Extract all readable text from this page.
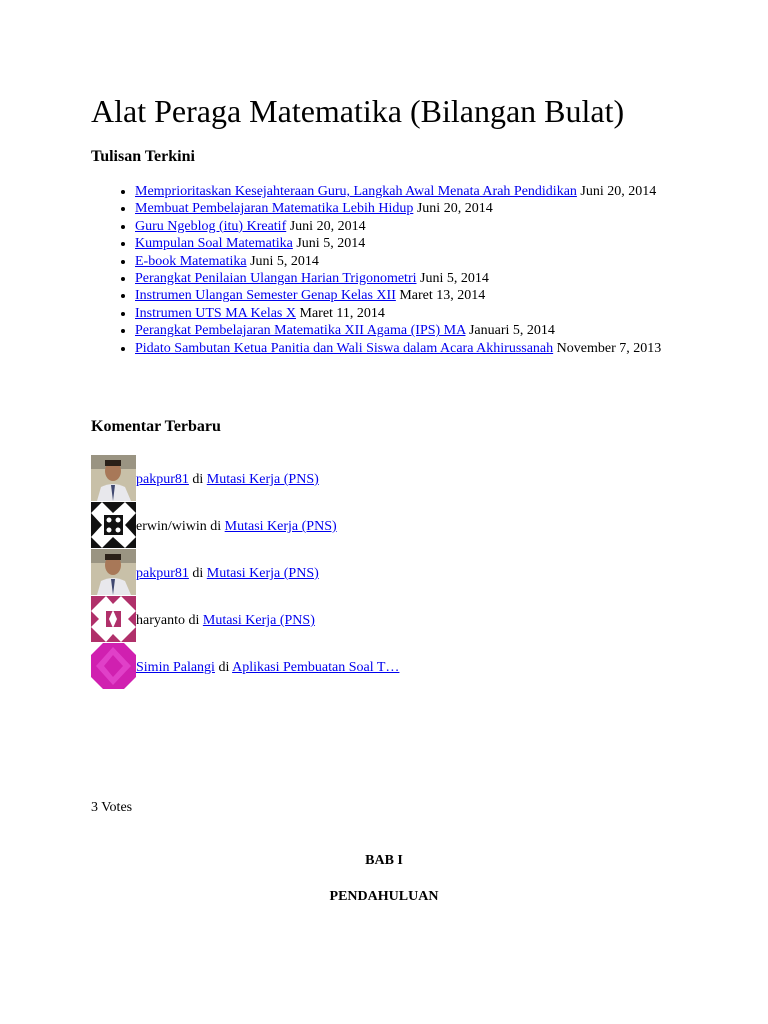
Alat Peraga Matematika (Bilangan Bulat)
Tulisan Terkini
• Memprioritaskan Kesejahteraan Guru, Langkah Awal Menata Arah Pendidikan Juni 20, 2014
• Membuat Pembelajaran Matematika Lebih Hidup Juni 20, 2014
• Guru Ngeblog (itu) Kreatif Juni 20, 2014
• Kumpulan Soal Matematika Juni 5, 2014
• E-book Matematika Juni 5, 2014
• Perangkat Penilaian Ulangan Harian Trigonometri Juni 5, 2014
• Instrumen Ulangan Semester Genap Kelas XII Maret 13, 2014
• Instrumen UTS MA Kelas X Maret 11, 2014
• Perangkat Pembelajaran Matematika XII Agama (IPS) MA Januari 5, 2014
• Pidato Sambutan Ketua Panitia dan Wali Siswa dalam Acara Akhirussanah November 7, 2013
Komentar Terbaru
pakpur81 di Mutasi Kerja (PNS)
erwin/wiwin di Mutasi Kerja (PNS)
pakpur81 di Mutasi Kerja (PNS)
haryanto di Mutasi Kerja (PNS)
Simin Palangi di Aplikasi Pembuatan Soal T…
3 Votes
BAB I
PENDAHULUAN
